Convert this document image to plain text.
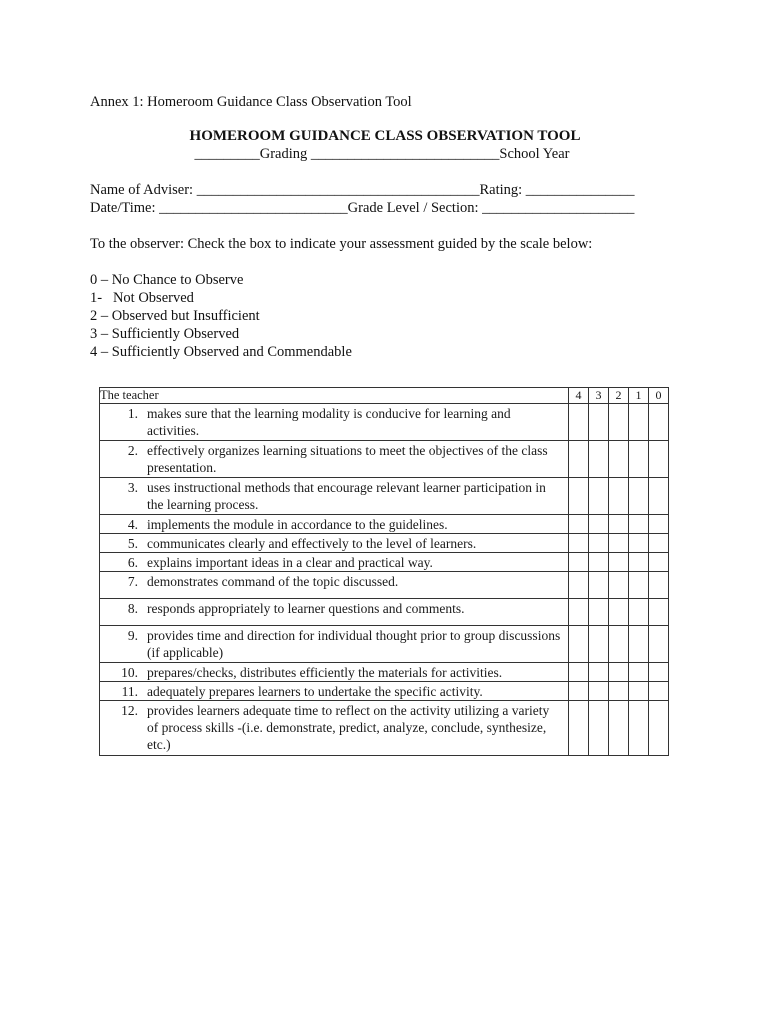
Annex 1: Homeroom Guidance Class Observation Tool
HOMEROOM GUIDANCE CLASS OBSERVATION TOOL
_________Grading __________________________School Year
Name of Adviser: _______________________________________Rating: _______________
Date/Time: __________________________Grade Level / Section: _____________________
To the observer: Check the box to indicate your assessment guided by the scale below:
0 – No Chance to Observe
1-   Not Observed
2 – Observed but Insufficient
3 – Sufficiently Observed
4 – Sufficiently Observed and Commendable
The teacher	4	3	2	1	0

1. makes sure that the learning modality is conducive for learning and activities.					

2. effectively organizes learning situations to meet the objectives of the class presentation.					

3. uses instructional methods that encourage relevant learner participation in the learning process.					

4. implements the module in accordance to the guidelines.					

5. communicates clearly and effectively to the level of learners.					

6. explains important ideas in a clear and practical way.					

7. demonstrates command of the topic discussed.					

8. responds appropriately to learner questions and comments.					

9. provides time and direction for individual thought prior to group discussions (if applicable)					

10. prepares/checks, distributes efficiently the materials for activities.					

11. adequately prepares learners to undertake the specific activity.					

12. provides learners adequate time to reflect on the activity utilizing a variety of process skills -(i.e. demonstrate, predict, analyze, conclude, synthesize, etc.)					
